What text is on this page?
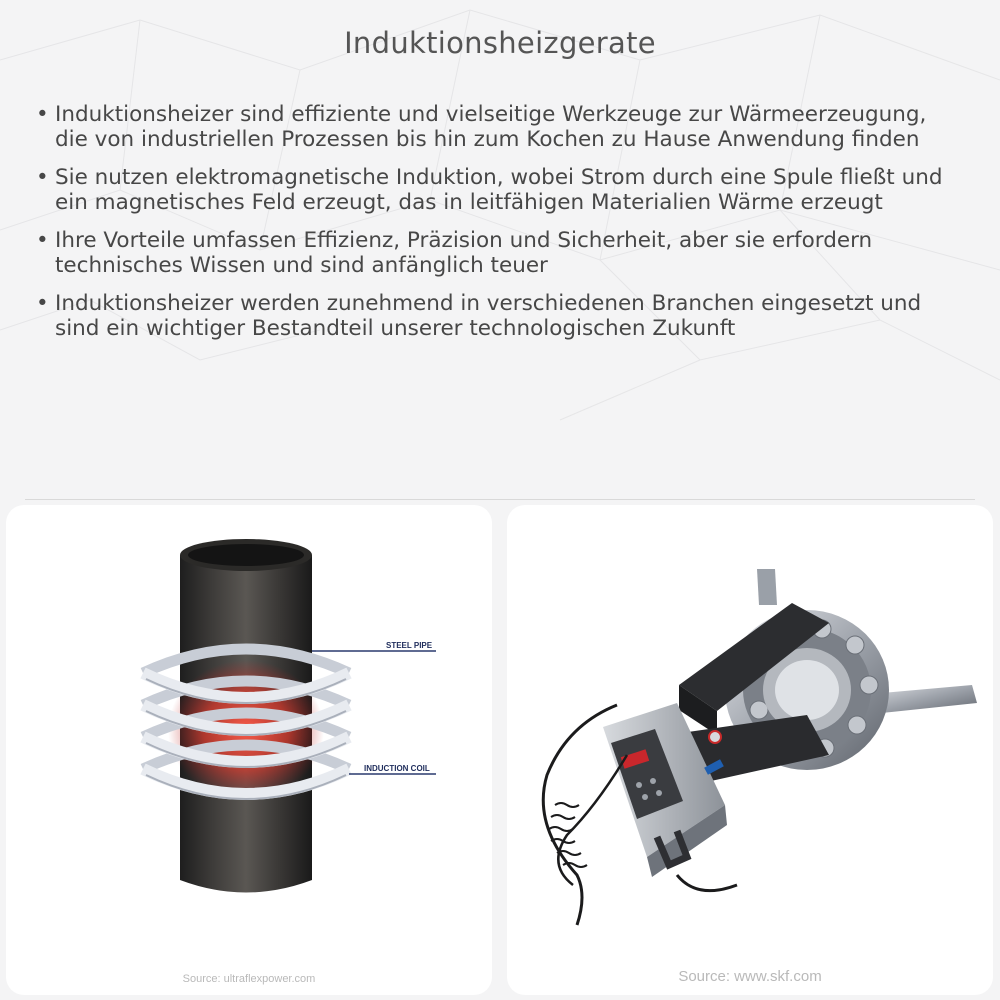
Induktionsheizgerate
• Induktionsheizer sind effiziente und vielseitige Werkzeuge zur Wärmeerzeugung, die von industriellen Prozessen bis hin zum Kochen zu Hause Anwendung finden
• Sie nutzen elektromagnetische Induktion, wobei Strom durch eine Spule fließt und ein magnetisches Feld erzeugt, das in leitfähigen Materialien Wärme erzeugt
• Ihre Vorteile umfassen Effizienz, Präzision und Sicherheit, aber sie erfordern technisches Wissen und sind anfänglich teuer
• Induktionsheizer werden zunehmend in verschiedenen Branchen eingesetzt und sind ein wichtiger Bestandteil unserer technologischen Zukunft
STEEL PIPE
INDUCTION COIL
Source: ultraflexpower.com	Source: www.skf.com
